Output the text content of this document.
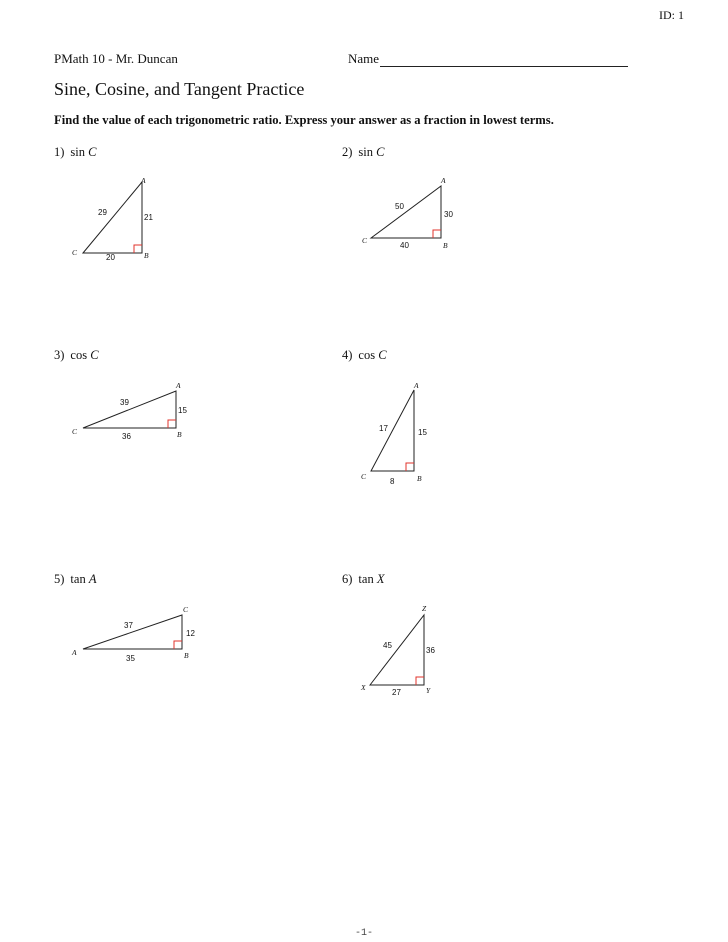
ID: 1
PMath 10 - Mr. Duncan	Name
Sine, Cosine, and Tangent Practice
Find the value of each trigonometric ratio. Express your answer as a fraction in lowest terms.
1) sin C
29
21
20
A
C	B
2) sin C
50
30
40
A
C
B
3) cos C
39
15
36
A
C	B
4) cos C
17	15
8
A
C	B
5) tan A
37
12
35
C
A	B
6) tan X
45
36
27
Z
X	Y
-1-
